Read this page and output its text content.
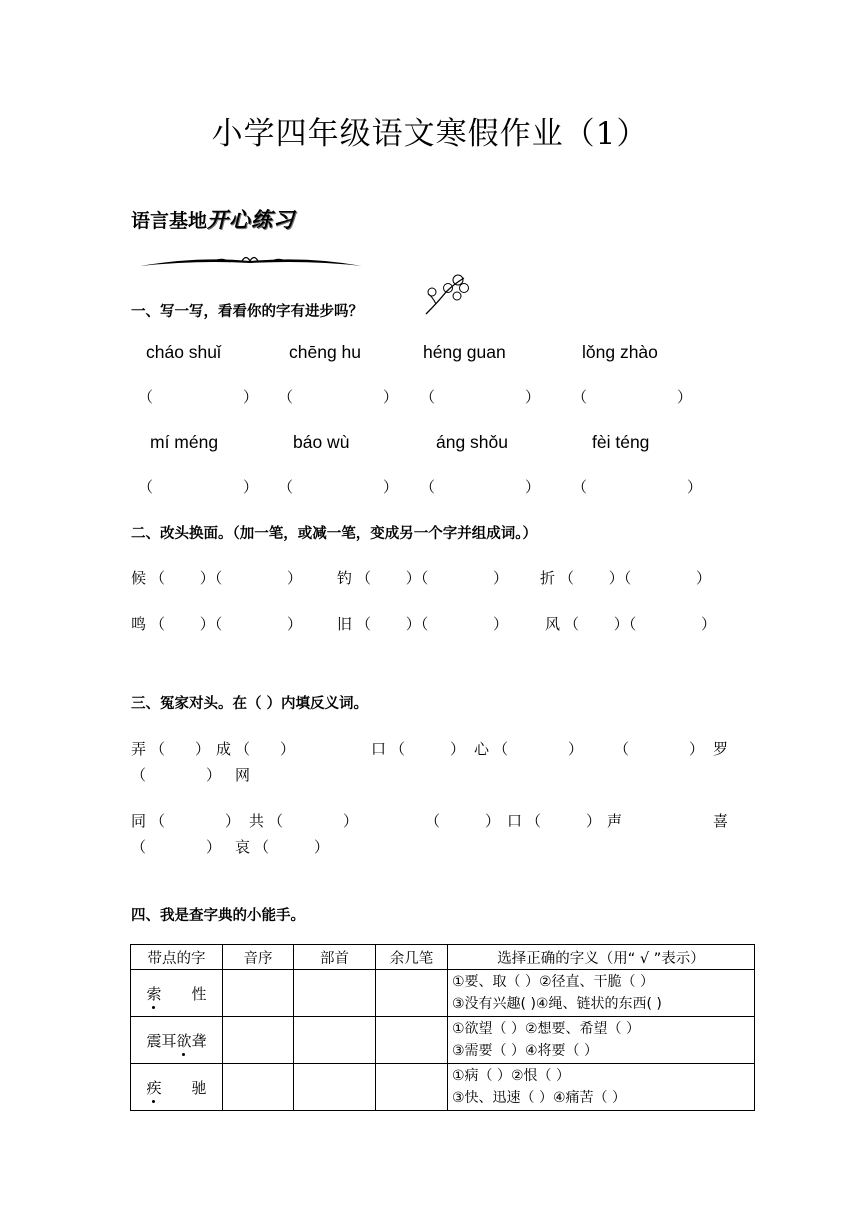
小学四年级语文寒假作业（1）
语言基地开心练习
一、写一写，看看你的字有进步吗？
cháo shuǐ	chēng hu	héng guan	lǒng zhào
（	） （	） （	） （	）
mí méng	báo wù	áng shǒu	fèi téng
（	） （	） （	） （	）
二、改头换面。（加一笔，或减一笔，变成另一个字并组成词。）
候 （　　 ）（　　　　 ） 钓 （　　 ）（　　　　 ） 折 （　　 ）（　　　　 ）
鸣 （　　 ）（　　　　 ） 旧 （　　 ）（　　　　 ） 风 （　　 ）（　　　　 ）
三、冤家对头。在（ ）内填反义词。
弄 （　　） 成 （　　）	口 （　　　） 心 （　　　　） （　　　　） 罗
（　　　　） 网
同 （　　　　） 共 （　　　　）	（　　　） 口 （　　　） 声	喜
（　　　　） 哀 （　　　）
四、我是查字典的小能手。
带点的字	音序	部首	余几笔	选择正确的字义（用“ √ ”表示）
索　　 性				①要、取（ ）②径直、干脆（ ）
③没有兴趣( )④绳、链状的东西( )

震耳欲聋				①欲望（ ）②想要、希望（ ）
③需要（ ）④将要（ ）

疾　　 驰				①病（ ）②恨（ ）
③快、迅速（ ）④痛苦（ ）
